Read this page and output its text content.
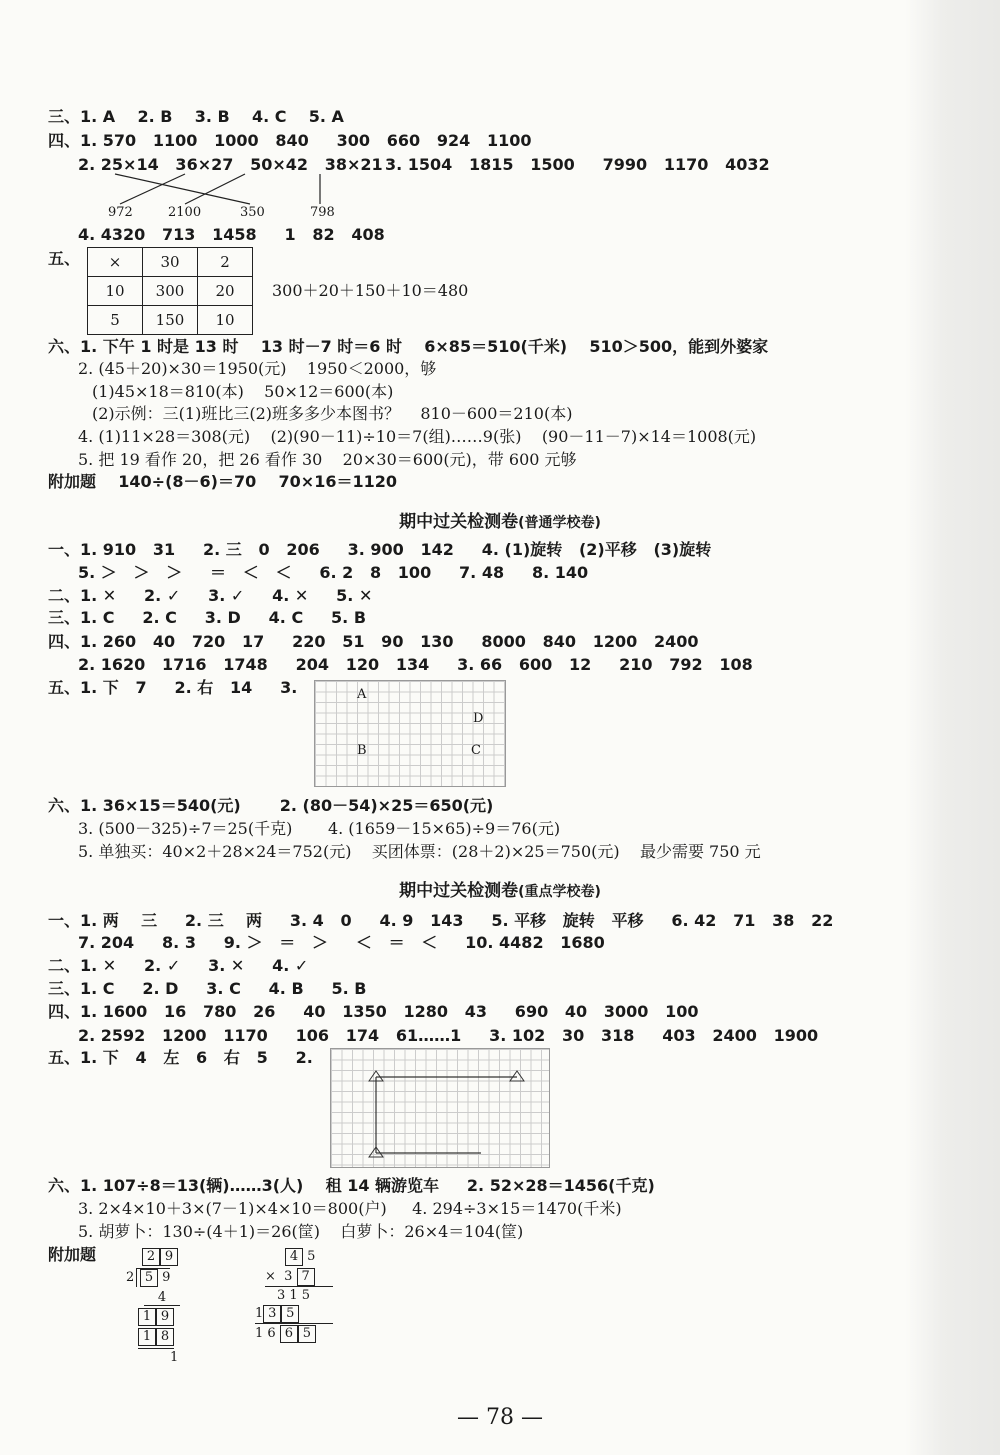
三、1. A    2. B    3. B    4. C    5. A
四、1. 570   1100   1000   840     300   660   924   1100
2. 25×14   36×27   50×42   38×21 3. 1504   1815   1500     7990   1170   4032
972	2100	350	798
4. 4320   713   1458     1   82   408
五、 ×	30	2
10	300	20
5	150	10
300＋20＋150＋10＝480
六、1. 下午 1 时是 13 时    13 时－7 时＝6 时    6×85＝510(千米)    510＞500，能到外婆家
2. (45＋20)×30＝1950(元)    1950＜2000，够
(1)45×18＝810(本)    50×12＝600(本)
(2)示例：三(1)班比三(2)班多多少本图书？    810－600＝210(本)
4. (1)11×28＝308(元)    (2)(90－11)÷10＝7(组)……9(张)    (90－11－7)×14＝1008(元)
5. 把 19 看作 20，把 26 看作 30    20×30＝600(元)，带 600 元够
附加题    140÷(8－6)＝70    70×16＝1120
期中过关检测卷(普通学校卷)
一、1. 910   31     2. 三   0   206     3. 900   142     4. (1)旋转   (2)平移   (3)旋转
5. ＞   ＞   ＞     ＝   ＜   ＜     6. 2   8   100     7. 48     8. 140
二、1. ✕     2. ✓     3. ✓     4. ✕     5. ✕
三、1. C     2. C     3. D     4. C     5. B
四、1. 260   40   720   17     220   51   90   130     8000   840   1200   2400
2. 1620   1716   1748     204   120   134     3. 66   600   12     210   792   108
五、1. 下   7     2. 右   14     3.	A
D
B	C
六、1. 36×15＝540(元)       2. (80－54)×25＝650(元)
3. (500－325)÷7＝25(千克)       4. (1659－15×65)÷9＝76(元)
5. 单独买：40×2＋28×24＝752(元)    买团体票：(28＋2)×25＝750(元)    最少需要 750 元
期中过关检测卷(重点学校卷)
一、1. 两    三     2. 三    两     3. 4   0     4. 9   143     5. 平移   旋转   平移     6. 42   71   38   22
7. 204     8. 3     9. ＞   ＝   ＞     ＜   ＝   ＜     10. 4482   1680
二、1. ✕     2. ✓     3. ✕     4. ✓
三、1. C     2. D     3. C     4. B     5. B
四、1. 1600   16   780   26     40   1350   1280   43     690   40   3000   100
2. 2592   1200   1170     106   174   61……1     3. 102   30   318     403   2400   1900
五、1. 下   4   左   6   右   5     2.
六、1. 107÷8＝13(辆)……3(人)    租 14 辆游览车     2. 52×28＝1456(千克)
3. 2×4×10＋3×(7－1)×4×10＝800(户)     4. 294÷3×15＝1470(千米)
5. 胡萝卜：130÷(4＋1)＝26(筐)    白萝卜：26×4＝104(筐)
附加题	2 9
2 5 9
4
1 9
1 8
1
4 5
× 3 7
3 1 5
1 3 5
1 6 6 5
— 78 —
